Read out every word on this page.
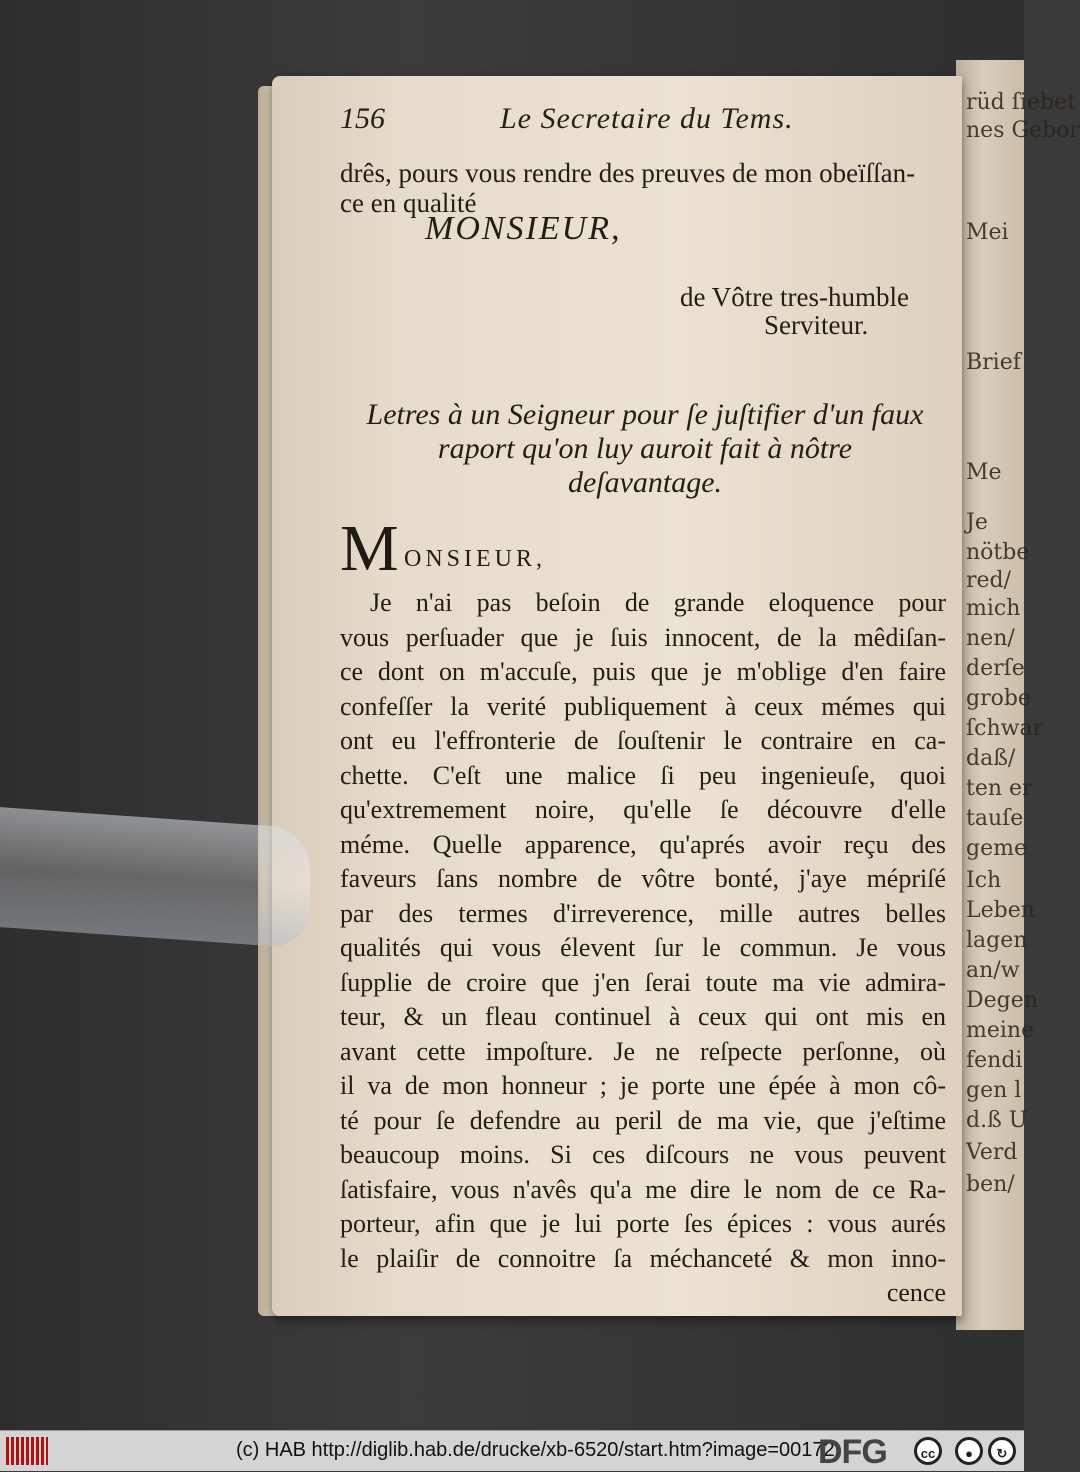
rüd ſiebet
nes Gebor
Mei
Brief
Me
Je
nötbe
red/
mich
nen/
derſe
grobe
ſchwar
daß/
ten er
tauſe
geme
Ich
Leben
lagen
an/w
Degen
meine
fendi
gen l
d.ß U
Verd
ben/
156	Le Secretaire du Tems.
drês, pours vous rendre des preuves de mon obeïſſan-
ce en qualité
MONSIEUR,
de Vôtre tres-humble
Serviteur.
Letres à un Seigneur pour ſe juſtifier d'un faux
raport qu'on luy auroit fait à nôtre
deſavantage.
M ONSIEUR,
Je n'ai pas beſoin de grande eloquence pour
vous perſuader que je ſuis innocent, de la mêdiſan-
ce dont on m'accuſe, puis que je m'oblige d'en faire
confeſſer la verité publiquement à ceux mémes qui
ont eu l'effronterie de ſouſtenir le contraire en ca-
chette. C'eſt une malice ſi peu ingenieuſe, quoi
qu'extremement noire, qu'elle ſe découvre d'elle
méme. Quelle apparence, qu'aprés avoir reçu des
faveurs ſans nombre de vôtre bonté, j'aye mépriſé
par des termes d'irreverence, mille autres belles
qualités qui vous élevent ſur le commun. Je vous
ſupplie de croire que j'en ſerai toute ma vie admira-
teur, & un fleau continuel à ceux qui ont mis en
avant cette impoſture. Je ne reſpecte perſonne, où
il va de mon honneur ; je porte une épée à mon cô-
té pour ſe defendre au peril de ma vie, que j'eſtime
beaucoup moins. Si ces diſcours ne vous peuvent
ſatisfaire, vous n'avês qu'a me dire le nom de ce Ra-
porteur, afin que je lui porte ſes épices : vous aurés
le plaiſir de connoitre ſa méchanceté & mon inno-
cence
(c) HAB http://diglib.hab.de/drucke/xb-6520/start.htm?image=00172
DFG	cc	●	↻
